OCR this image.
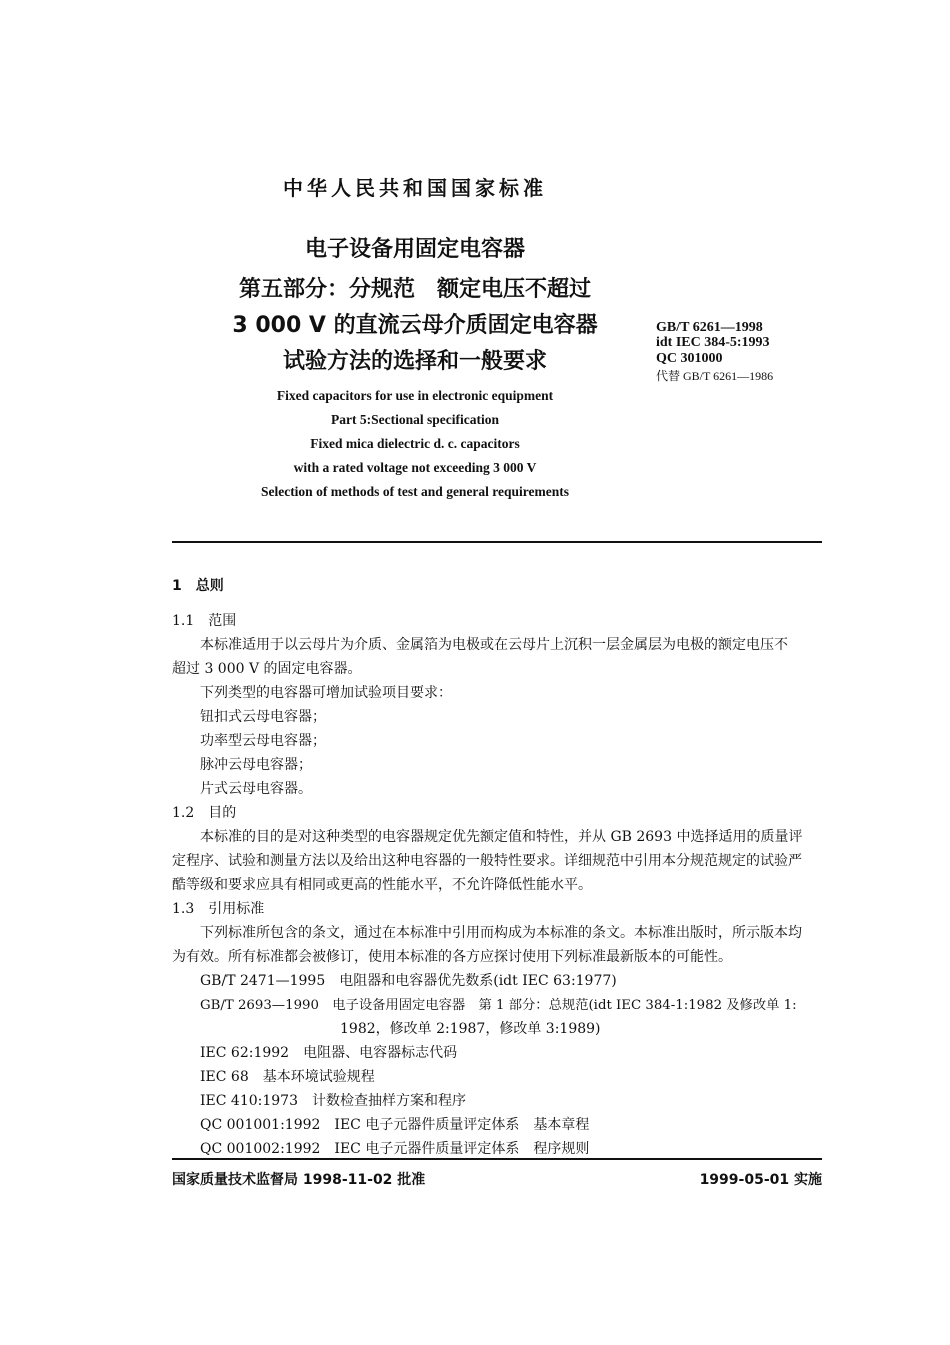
中华人民共和国国家标准
电子设备用固定电容器
第五部分：分规范　额定电压不超过
3 000 V 的直流云母介质固定电容器
试验方法的选择和一般要求
GB/T 6261—1998
idt IEC 384-5:1993
QC 301000
代替 GB/T 6261—1986
Fixed capacitors for use in electronic equipment
Part 5:Sectional specification
Fixed mica dielectric d. c. capacitors
with a rated voltage not exceeding 3 000 V
Selection of methods of test and general requirements
1　总则
1.1　范围
本标准适用于以云母片为介质、金属箔为电极或在云母片上沉积一层金属层为电极的额定电压不
超过 3 000 V 的固定电容器。
下列类型的电容器可增加试验项目要求：
钮扣式云母电容器；
功率型云母电容器；
脉冲云母电容器；
片式云母电容器。
1.2　目的
本标准的目的是对这种类型的电容器规定优先额定值和特性，并从 GB 2693 中选择适用的质量评
定程序、试验和测量方法以及给出这种电容器的一般特性要求。详细规范中引用本分规范规定的试验严
酷等级和要求应具有相同或更高的性能水平，不允许降低性能水平。
1.3　引用标准
下列标准所包含的条文，通过在本标准中引用而构成为本标准的条文。本标准出版时，所示版本均
为有效。所有标准都会被修订，使用本标准的各方应探讨使用下列标准最新版本的可能性。
GB/T 2471—1995　电阻器和电容器优先数系(idt IEC 63:1977)
GB/T 2693—1990　电子设备用固定电容器　第 1 部分：总规范(idt IEC 384-1:1982 及修改单 1:
1982，修改单 2:1987，修改单 3:1989)
IEC 62:1992　电阻器、电容器标志代码
IEC 68　基本环境试验规程
IEC 410:1973　计数检查抽样方案和程序
QC 001001:1992　IEC 电子元器件质量评定体系　基本章程
QC 001002:1992　IEC 电子元器件质量评定体系　程序规则
国家质量技术监督局 1998-11-02 批准	1999-05-01 实施
